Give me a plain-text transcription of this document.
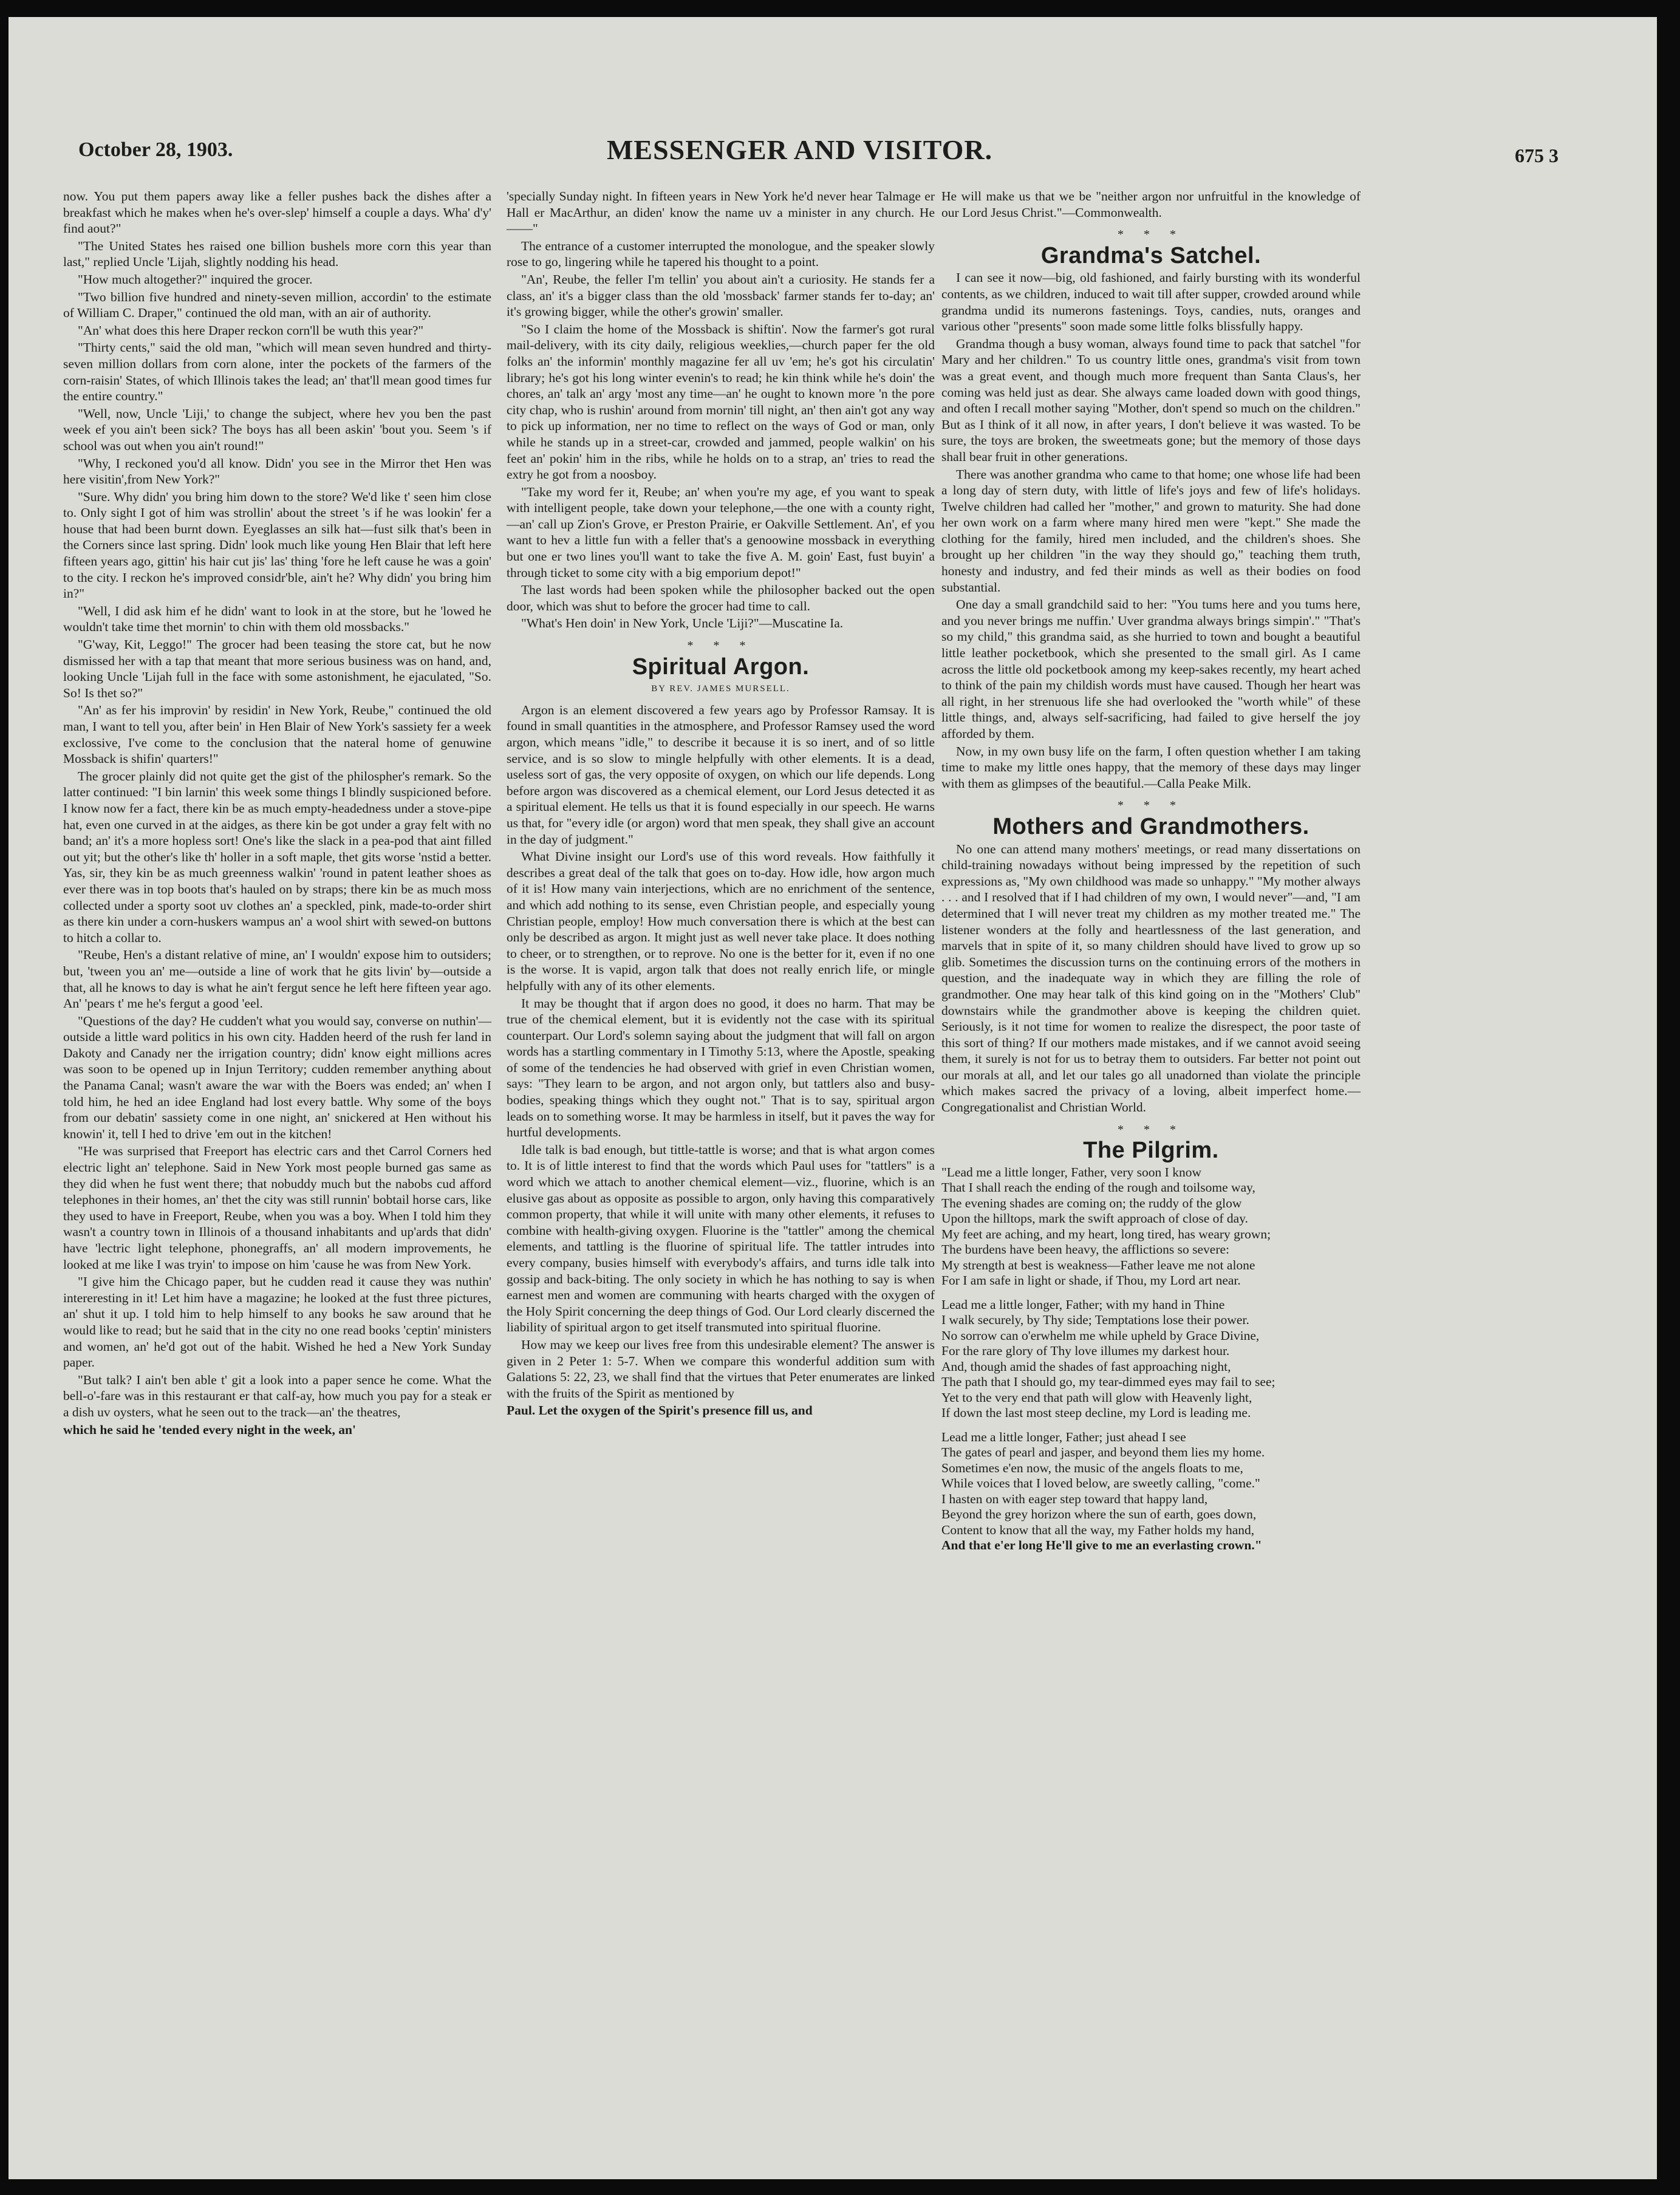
October 28, 1903.	MESSENGER AND VISITOR.	675 3

now. You put them papers away like a feller pushes back the dishes after a breakfast which he makes when he's over-slep' himself a couple a days. Wha' d'y' find aout?"

"The United States hes raised one billion bushels more corn this year than last," replied Uncle 'Lijah, slightly nodding his head.

"How much altogether?" inquired the grocer.

"Two billion five hundred and ninety-seven million, accordin' to the estimate of William C. Draper," continued the old man, with an air of authority.

"An' what does this here Draper reckon corn'll be wuth this year?"

"Thirty cents," said the old man, "which will mean seven hundred and thirty-seven million dollars from corn alone, inter the pockets of the farmers of the corn-raisin' States, of which Illinois takes the lead; an' that'll mean good times fur the entire country."

"Well, now, Uncle 'Liji,' to change the subject, where hev you ben the past week ef you ain't been sick? The boys has all been askin' 'bout you. Seem 's if school was out when you ain't round!"

"Why, I reckoned you'd all know. Didn' you see in the Mirror thet Hen was here visitin',from New York?"

"Sure. Why didn' you bring him down to the store? We'd like t' seen him close to. Only sight I got of him was strollin' about the street 's if he was lookin' fer a house that had been burnt down. Eyeglasses an silk hat—fust silk that's been in the Corners since last spring. Didn' look much like young Hen Blair that left here fifteen years ago, gittin' his hair cut jis' las' thing 'fore he left cause he was a goin' to the city. I reckon he's improved considr'ble, ain't he? Why didn' you bring him in?"

"Well, I did ask him ef he didn' want to look in at the store, but he 'lowed he wouldn't take time thet mornin' to chin with them old mossbacks."

"G'way, Kit, Leggo!" The grocer had been teasing the store cat, but he now dismissed her with a tap that meant that more serious business was on hand, and, looking Uncle 'Lijah full in the face with some astonishment, he ejaculated, "So. So! Is thet so?"

"An' as fer his improvin' by residin' in New York, Reube," continued the old man, I want to tell you, after bein' in Hen Blair of New York's sassiety fer a week exclossive, I've come to the conclusion that the nateral home of genuwine Mossback is shifin' quarters!"

The grocer plainly did not quite get the gist of the philospher's remark. So the latter continued: "I bin larnin' this week some things I blindly suspicioned before. I know now fer a fact, there kin be as much empty-headedness under a stove-pipe hat, even one curved in at the aidges, as there kin be got under a gray felt with no band; an' it's a more hopless sort! One's like the slack in a pea-pod that aint filled out yit; but the other's like th' holler in a soft maple, thet gits worse 'nstid a better. Yas, sir, they kin be as much greenness walkin' 'round in patent leather shoes as ever there was in top boots that's hauled on by straps; there kin be as much moss collected under a sporty soot uv clothes an' a speckled, pink, made-to-order shirt as there kin under a corn-huskers wampus an' a wool shirt with sewed-on buttons to hitch a collar to.

"Reube, Hen's a distant relative of mine, an' I wouldn' expose him to outsiders; but, 'tween you an' me—outside a line of work that he gits livin' by—outside a that, all he knows to day is what he ain't fergut sence he left here fifteen year ago. An' 'pears t' me he's fergut a good 'eel.

"Questions of the day? He cudden't what you would say, converse on nuthin'—outside a little ward politics in his own city. Hadden heerd of the rush fer land in Dakoty and Canady ner the irrigation country; didn' know eight millions acres was soon to be opened up in Injun Territory; cudden remember anything about the Panama Canal; wasn't aware the war with the Boers was ended; an' when I told him, he hed an idee England had lost every battle. Why some of the boys from our debatin' sassiety come in one night, an' snickered at Hen without his knowin' it, tell I hed to drive 'em out in the kitchen!

"He was surprised that Freeport has electric cars and thet Carrol Corners hed electric light an' telephone. Said in New York most people burned gas same as they did when he fust went there; that nobuddy much but the nabobs cud afford telephones in their homes, an' thet the city was still runnin' bobtail horse cars, like they used to have in Freeport, Reube, when you was a boy. When I told him they wasn't a country town in Illinois of a thousand inhabitants and up'ards that didn' have 'lectric light telephone, phonegraffs, an' all modern improvements, he looked at me like I was tryin' to impose on him 'cause he was from New York.

"I give him the Chicago paper, but he cudden read it cause they was nuthin' intereresting in it! Let him have a magazine; he looked at the fust three pictures, an' shut it up. I told him to help himself to any books he saw around that he would like to read; but he said that in the city no one read books 'ceptin' ministers and women, an' he'd got out of the habit. Wished he hed a New York Sunday paper.

"But talk? I ain't ben able t' git a look into a paper sence he come. What the bell-o'-fare was in this restaurant er that calf-ay, how much you pay for a steak er a dish uv oysters, what he seen out to the track—an' the theatres,

which he said he 'tended every night in the week, an'

'specially Sunday night. In fifteen years in New York he'd never hear Talmage er Hall er MacArthur, an diden' know the name uv a minister in any church. He——"

The entrance of a customer interrupted the monologue, and the speaker slowly rose to go, lingering while he tapered his thought to a point.

"An', Reube, the feller I'm tellin' you about ain't a curiosity. He stands fer a class, an' it's a bigger class than the old 'mossback' farmer stands fer to-day; an' it's growing bigger, while the other's growin' smaller.

"So I claim the home of the Mossback is shiftin'. Now the farmer's got rural mail-delivery, with its city daily, religious weeklies,—church paper fer the old folks an' the informin' monthly magazine fer all uv 'em; he's got his circulatin' library; he's got his long winter evenin's to read; he kin think while he's doin' the chores, an' talk an' argy 'most any time—an' he ought to known more 'n the pore city chap, who is rushin' around from mornin' till night, an' then ain't got any way to pick up information, ner no time to reflect on the ways of God or man, only while he stands up in a street-car, crowded and jammed, people walkin' on his feet an' pokin' him in the ribs, while he holds on to a strap, an' tries to read the extry he got from a noosboy.

"Take my word fer it, Reube; an' when you're my age, ef you want to speak with intelligent people, take down your telephone,—the one with a county right,—an' call up Zion's Grove, er Preston Prairie, er Oakville Settlement. An', ef you want to hev a little fun with a feller that's a genoowine mossback in everything but one er two lines you'll want to take the five A. M. goin' East, fust buyin' a through ticket to some city with a big emporium depot!"

The last words had been spoken while the philosopher backed out the open door, which was shut to before the grocer had time to call.

"What's Hen doin' in New York, Uncle 'Liji?"—Muscatine Ia.

* * *
Spiritual Argon.
BY REV. JAMES MURSELL.

Argon is an element discovered a few years ago by Professor Ramsay. It is found in small quantities in the atmosphere, and Professor Ramsey used the word argon, which means "idle," to describe it because it is so inert, and of so little service, and is so slow to mingle helpfully with other elements. It is a dead, useless sort of gas, the very opposite of oxygen, on which our life depends. Long before argon was discovered as a chemical element, our Lord Jesus detected it as a spiritual element. He tells us that it is found especially in our speech. He warns us that, for "every idle (or argon) word that men speak, they shall give an account in the day of judgment."

What Divine insight our Lord's use of this word reveals. How faithfully it describes a great deal of the talk that goes on to-day. How idle, how argon much of it is! How many vain interjections, which are no enrichment of the sentence, and which add nothing to its sense, even Christian people, and especially young Christian people, employ! How much conversation there is which at the best can only be described as argon. It might just as well never take place. It does nothing to cheer, or to strengthen, or to reprove. No one is the better for it, even if no one is the worse. It is vapid, argon talk that does not really enrich life, or mingle helpfully with any of its other elements.

It may be thought that if argon does no good, it does no harm. That may be true of the chemical element, but it is evidently not the case with its spiritual counterpart. Our Lord's solemn saying about the judgment that will fall on argon words has a startling commentary in I Timothy 5:13, where the Apostle, speaking of some of the tendencies he had observed with grief in even Christian women, says: "They learn to be argon, and not argon only, but tattlers also and busy-bodies, speaking things which they ought not." That is to say, spiritual argon leads on to something worse. It may be harmless in itself, but it paves the way for hurtful developments.

Idle talk is bad enough, but tittle-tattle is worse; and that is what argon comes to. It is of little interest to find that the words which Paul uses for "tattlers" is a word which we attach to another chemical element—viz., fluorine, which is an elusive gas about as opposite as possible to argon, only having this comparatively common property, that while it will unite with many other elements, it refuses to combine with health-giving oxygen. Fluorine is the "tattler" among the chemical elements, and tattling is the fluorine of spiritual life. The tattler intrudes into every company, busies himself with everybody's affairs, and turns idle talk into gossip and back-biting. The only society in which he has nothing to say is when earnest men and women are communing with hearts charged with the oxygen of the Holy Spirit concerning the deep things of God. Our Lord clearly discerned the liability of spiritual argon to get itself transmuted into spiritual fluorine.

How may we keep our lives free from this undesirable element? The answer is given in 2 Peter 1: 5-7. When we compare this wonderful addition sum with Galations 5: 22, 23, we shall find that the virtues that Peter enumerates are linked with the fruits of the Spirit as mentioned by

Paul. Let the oxygen of the Spirit's presence fill us, and

He will make us that we be "neither argon nor unfruitful in the knowledge of our Lord Jesus Christ."—Commonwealth.

* * *
Grandma's Satchel.

I can see it now—big, old fashioned, and fairly bursting with its wonderful contents, as we children, induced to wait till after supper, crowded around while grandma undid its numerons fastenings. Toys, candies, nuts, oranges and various other "presents" soon made some little folks blissfully happy.

Grandma though a busy woman, always found time to pack that satchel "for Mary and her children." To us country little ones, grandma's visit from town was a great event, and though much more frequent than Santa Claus's, her coming was held just as dear. She always came loaded down with good things, and often I recall mother saying "Mother, don't spend so much on the children." But as I think of it all now, in after years, I don't believe it was wasted. To be sure, the toys are broken, the sweetmeats gone; but the memory of those days shall bear fruit in other generations.

There was another grandma who came to that home; one whose life had been a long day of stern duty, with little of life's joys and few of life's holidays. Twelve children had called her "mother," and grown to maturity. She had done her own work on a farm where many hired men were "kept." She made the clothing for the family, hired men included, and the children's shoes. She brought up her children "in the way they should go," teaching them truth, honesty and industry, and fed their minds as well as their bodies on food substantial.

One day a small grandchild said to her: "You tums here and you tums here, and you never brings me nuffin.' Uver grandma always brings simpin'." "That's so my child," this grandma said, as she hurried to town and bought a beautiful little leather pocketbook, which she presented to the small girl. As I came across the little old pocketbook among my keep-sakes recently, my heart ached to think of the pain my childish words must have caused. Though her heart was all right, in her strenuous life she had overlooked the "worth while" of these little things, and, always self-sacrificing, had failed to give herself the joy afforded by them.

Now, in my own busy life on the farm, I often question whether I am taking time to make my little ones happy, that the memory of these days may linger with them as glimpses of the beautiful.—Calla Peake Milk.

* * *
Mothers and Grandmothers.

No one can attend many mothers' meetings, or read many dissertations on child-training nowadays without being impressed by the repetition of such expressions as, "My own childhood was made so unhappy." "My mother always . . . and I resolved that if I had children of my own, I would never"—and, "I am determined that I will never treat my children as my mother treated me." The listener wonders at the folly and heartlessness of the last generation, and marvels that in spite of it, so many children should have lived to grow up so glib. Sometimes the discussion turns on the continuing errors of the mothers in question, and the inadequate way in which they are filling the role of grandmother. One may hear talk of this kind going on in the "Mothers' Club" downstairs while the grandmother above is keeping the children quiet. Seriously, is it not time for women to realize the disrespect, the poor taste of this sort of thing? If our mothers made mistakes, and if we cannot avoid seeing them, it surely is not for us to betray them to outsiders. Far better not point out our morals at all, and let our tales go all unadorned than violate the principle which makes sacred the privacy of a loving, albeit imperfect home.—Congregationalist and Christian World.

* * *
The Pilgrim.
"Lead me a little longer, Father, very soon I know
That I shall reach the ending of the rough and toilsome way,
The evening shades are coming on; the ruddy of the glow
Upon the hilltops, mark the swift approach of close of day.
My feet are aching, and my heart, long tired, has weary grown;
The burdens have been heavy, the afflictions so severe:
My strength at best is weakness—Father leave me not alone
For I am safe in light or shade, if Thou, my Lord art near.
Lead me a little longer, Father; with my hand in Thine
I walk securely, by Thy side; Temptations lose their power.
No sorrow can o'erwhelm me while upheld by Grace Divine,
For the rare glory of Thy love illumes my darkest hour.
And, though amid the shades of fast approaching night,
The path that I should go, my tear-dimmed eyes may fail to see;
Yet to the very end that path will glow with Heavenly light,
If down the last most steep decline, my Lord is leading me.
Lead me a little longer, Father; just ahead I see
The gates of pearl and jasper, and beyond them lies my home.
Sometimes e'en now, the music of the angels floats to me,
While voices that I loved below, are sweetly calling, "come."
I hasten on with eager step toward that happy land,
Beyond the grey horizon where the sun of earth, goes down,
Content to know that all the way, my Father holds my hand,
And that e'er long He'll give to me an everlasting crown."
